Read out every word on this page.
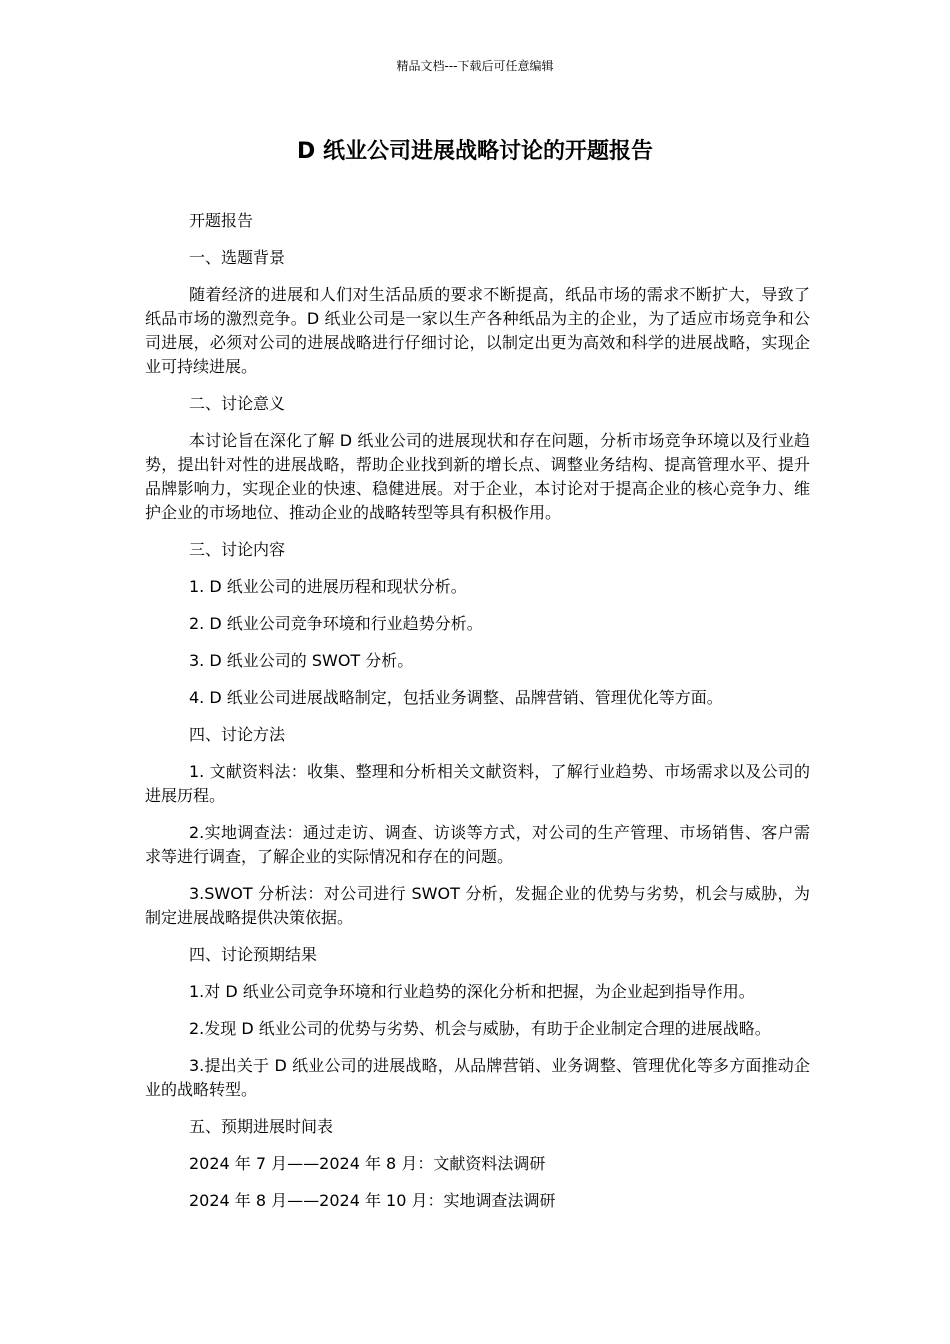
精品文档---下载后可任意编辑
D 纸业公司进展战略讨论的开题报告

开题报告

一、选题背景

随着经济的进展和人们对生活品质的要求不断提高，纸品市场的需求不断扩大，导致了纸品市场的激烈竞争。D 纸业公司是一家以生产各种纸品为主的企业，为了适应市场竞争和公司进展，必须对公司的进展战略进行仔细讨论，以制定出更为高效和科学的进展战略，实现企业可持续进展。

二、讨论意义

本讨论旨在深化了解 D 纸业公司的进展现状和存在问题，分析市场竞争环境以及行业趋势，提出针对性的进展战略，帮助企业找到新的增长点、调整业务结构、提高管理水平、提升品牌影响力，实现企业的快速、稳健进展。对于企业，本讨论对于提高企业的核心竞争力、维护企业的市场地位、推动企业的战略转型等具有积极作用。

三、讨论内容

1. D 纸业公司的进展历程和现状分析。

2. D 纸业公司竞争环境和行业趋势分析。

3. D 纸业公司的 SWOT 分析。

4. D 纸业公司进展战略制定，包括业务调整、品牌营销、管理优化等方面。

四、讨论方法

1. 文献资料法：收集、整理和分析相关文献资料，了解行业趋势、市场需求以及公司的进展历程。

2.实地调查法：通过走访、调查、访谈等方式，对公司的生产管理、市场销售、客户需求等进行调查，了解企业的实际情况和存在的问题。

3.SWOT 分析法：对公司进行 SWOT 分析，发掘企业的优势与劣势，机会与威胁，为制定进展战略提供决策依据。

四、讨论预期结果

1.对 D 纸业公司竞争环境和行业趋势的深化分析和把握，为企业起到指导作用。

2.发现 D 纸业公司的优势与劣势、机会与威胁，有助于企业制定合理的进展战略。

3.提出关于 D 纸业公司的进展战略，从品牌营销、业务调整、管理优化等多方面推动企业的战略转型。

五、预期进展时间表

2024 年 7 月——2024 年 8 月：文献资料法调研

2024 年 8 月——2024 年 10 月：实地调查法调研
